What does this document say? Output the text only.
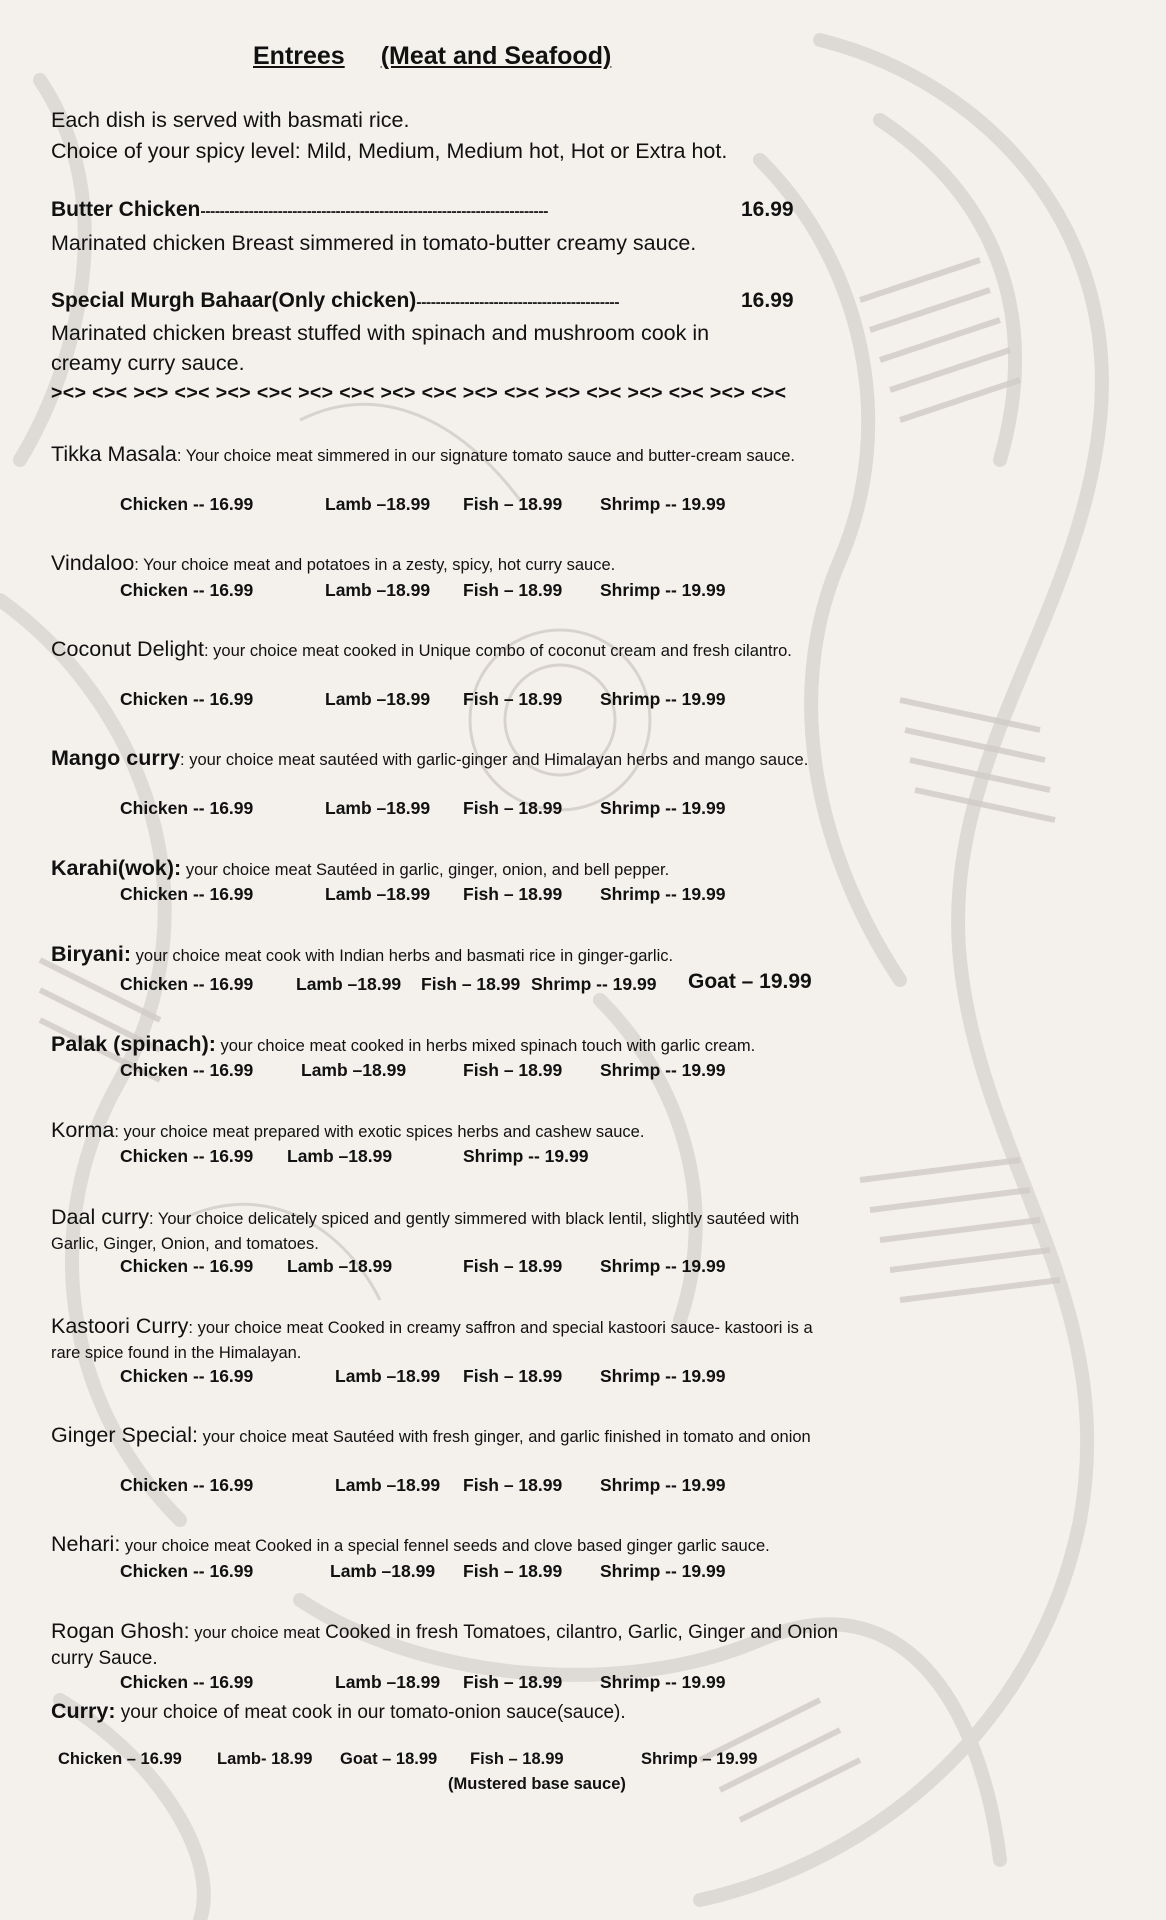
Entrees (Meat and Seafood)
Each dish is served with basmati rice.
Choice of your spicy level: Mild, Medium, Medium hot, Hot or Extra hot.
Butter Chicken------------------------------------------------------------------------	16.99
Marinated chicken Breast simmered in tomato-butter creamy sauce.
Special Murgh Bahaar(Only chicken)------------------------------------------	16.99
Marinated chicken breast stuffed with spinach and mushroom cook in
creamy curry sauce.
><> <>< ><> <>< ><> <>< ><> <>< ><> <>< ><> <>< ><> <>< ><> <>< ><> <><
Tikka Masala: Your choice meat simmered in our signature tomato sauce and butter-cream sauce.
Chicken -- 16.99	Lamb –18.99 Fish – 18.99 Shrimp -- 19.99
Vindaloo: Your choice meat and potatoes in a zesty, spicy, hot curry sauce.
Chicken -- 16.99	Lamb –18.99 Fish – 18.99 Shrimp -- 19.99
Coconut Delight: your choice meat cooked in Unique combo of coconut cream and fresh cilantro.
Chicken -- 16.99	Lamb –18.99 Fish – 18.99 Shrimp -- 19.99
Mango curry: your choice meat sautéed with garlic-ginger and Himalayan herbs and mango sauce.
Chicken -- 16.99	Lamb –18.99 Fish – 18.99 Shrimp -- 19.99
Karahi(wok): your choice meat Sautéed in garlic, ginger, onion, and bell pepper.
Chicken -- 16.99	Lamb –18.99 Fish – 18.99 Shrimp -- 19.99
Biryani: your choice meat cook with Indian herbs and basmati rice in ginger-garlic.
Chicken -- 16.99 Lamb –18.99 Fish – 18.99 Shrimp -- 19.99 Goat – 19.99
Palak (spinach): your choice meat cooked in herbs mixed spinach touch with garlic cream.
Chicken -- 16.99	Lamb –18.99	Fish – 18.99 Shrimp -- 19.99
Korma: your choice meat prepared with exotic spices herbs and cashew sauce.
Chicken -- 16.99 Lamb –18.99	Shrimp -- 19.99
Daal curry: Your choice delicately spiced and gently simmered with black lentil, slightly sautéed with Garlic, Ginger, Onion, and tomatoes.
Chicken -- 16.99 Lamb –18.99	Fish – 18.99 Shrimp -- 19.99
Kastoori Curry: your choice meat Cooked in creamy saffron and special kastoori sauce- kastoori is a rare spice found in the Himalayan.
Chicken -- 16.99	Lamb –18.99 Fish – 18.99 Shrimp -- 19.99
Ginger Special: your choice meat Sautéed with fresh ginger, and garlic finished in tomato and onion
Chicken -- 16.99	Lamb –18.99 Fish – 18.99 Shrimp -- 19.99
Nehari: your choice meat Cooked in a special fennel seeds and clove based ginger garlic sauce.
Chicken -- 16.99	Lamb –18.99 Fish – 18.99 Shrimp -- 19.99
Rogan Ghosh: your choice meat Cooked in fresh Tomatoes, cilantro, Garlic, Ginger and Onion curry Sauce.
Chicken -- 16.99	Lamb –18.99 Fish – 18.99 Shrimp -- 19.99
Curry: your choice of meat cook in our tomato-onion sauce(sauce).
Chicken – 16.99 Lamb- 18.99 Goat – 18.99 Fish – 18.99	Shrimp – 19.99
(Mustered base sauce)
